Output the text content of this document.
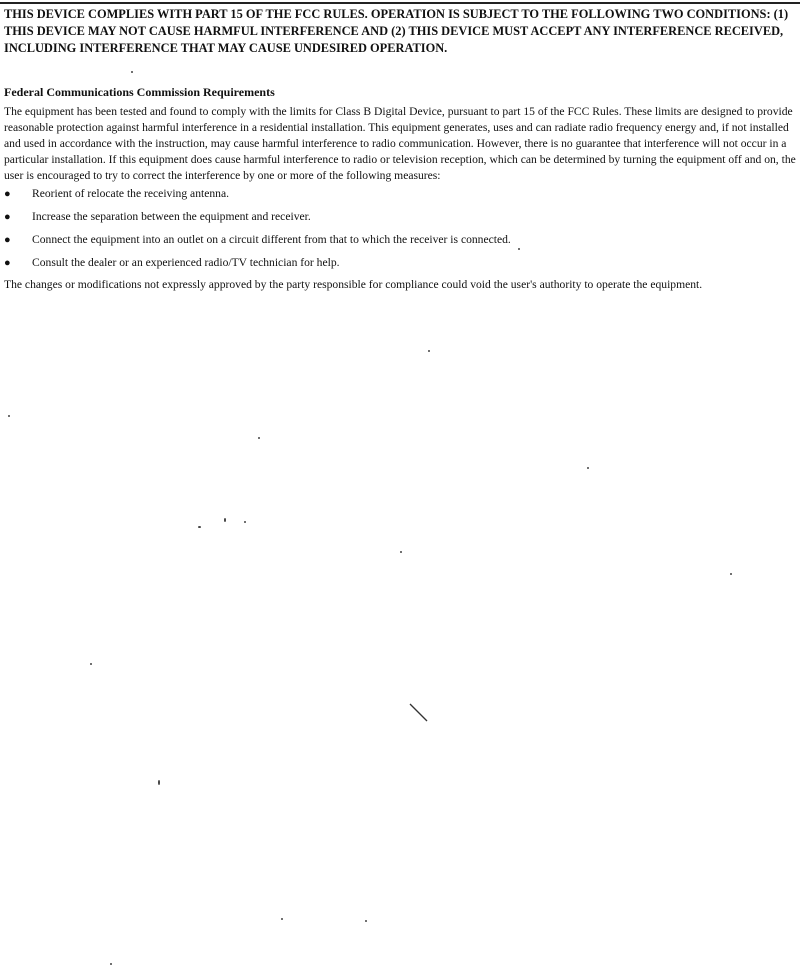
THIS DEVICE COMPLIES WITH PART 15 OF THE FCC RULES. OPERATION IS SUBJECT TO THE FOLLOWING TWO CONDITIONS: (1) THIS DEVICE MAY NOT CAUSE HARMFUL INTERFERENCE AND (2) THIS DEVICE MUST ACCEPT ANY INTERFERENCE RECEIVED, INCLUDING INTERFERENCE THAT MAY CAUSE UNDESIRED OPERATION.

Federal Communications Commission Requirements

The equipment has been tested and found to comply with the limits for Class B Digital Device, pursuant to part 15 of the FCC Rules. These limits are designed to provide reasonable protection against harmful interference in a residential installation. This equipment generates, uses and can radiate radio frequency energy and, if not installed and used in accordance with the instruction, may cause harmful interference to radio communication. However, there is no guarantee that interference will not occur in a particular installation. If this equipment does cause harmful interference to radio or television reception, which can be determined by turning the equipment off and on, the user is encouraged to try to correct the interference by one or more of the following measures:

● Reorient of relocate the receiving antenna.
● Increase the separation between the equipment and receiver.
● Connect the equipment into an outlet on a circuit different from that to which the receiver is connected.
● Consult the dealer or an experienced radio/TV technician for help.

The changes or modifications not expressly approved by the party responsible for compliance could void the user's authority to operate the equipment.
